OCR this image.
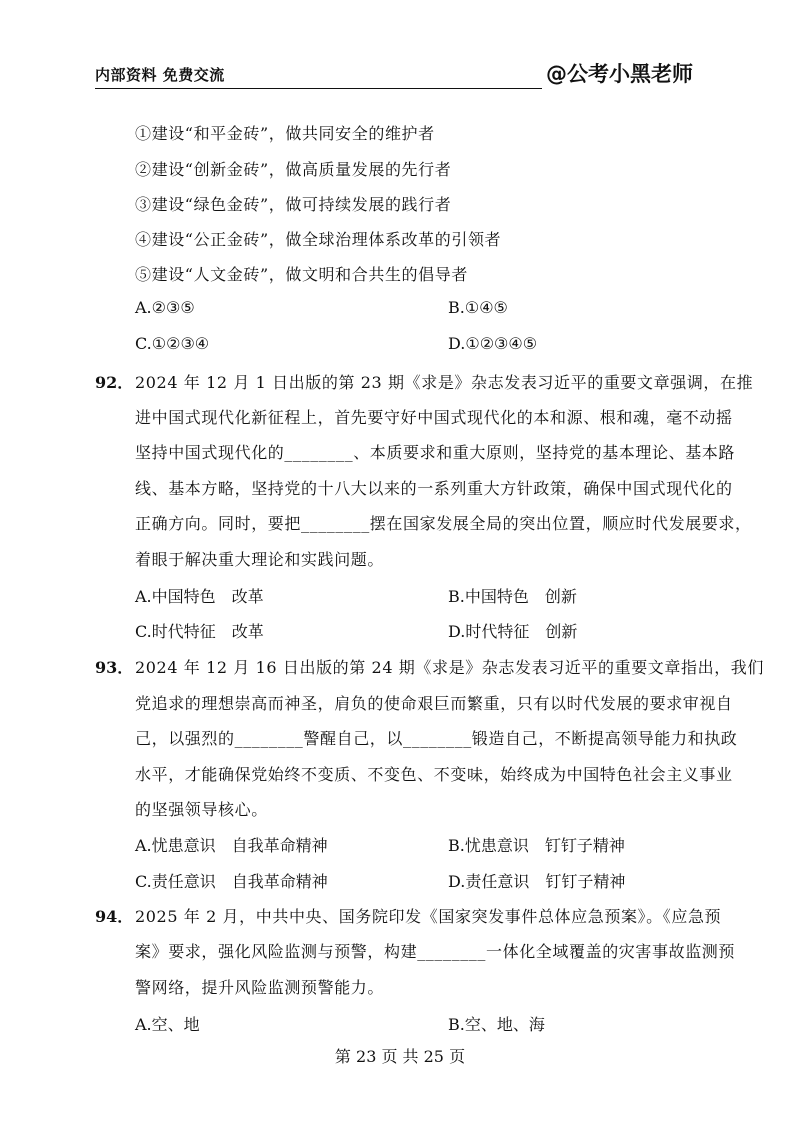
内部资料 免费交流	@公考小黑老师
①建设“和平金砖”，做共同安全的维护者
②建设“创新金砖”，做高质量发展的先行者
③建设“绿色金砖”，做可持续发展的践行者
④建设“公正金砖”，做全球治理体系改革的引领者
⑤建设“人文金砖”，做文明和合共生的倡导者
A.②③⑤	B.①④⑤
C.①②③④	D.①②③④⑤
92． 2024 年 12 月 1 日出版的第 23 期《求是》杂志发表习近平的重要文章强调，在推
进中国式现代化新征程上，首先要守好中国式现代化的本和源、根和魂，毫不动摇
坚持中国式现代化的________、本质要求和重大原则，坚持党的基本理论、基本路
线、基本方略，坚持党的十八大以来的一系列重大方针政策，确保中国式现代化的
正确方向。同时，要把________摆在国家发展全局的突出位置，顺应时代发展要求，
着眼于解决重大理论和实践问题。
A.中国特色　改革	B.中国特色　创新
C.时代特征　改革	D.时代特征　创新
93． 2024 年 12 月 16 日出版的第 24 期《求是》杂志发表习近平的重要文章指出，我们
党追求的理想崇高而神圣，肩负的使命艰巨而繁重，只有以时代发展的要求审视自
己，以强烈的________警醒自己，以________锻造自己，不断提高领导能力和执政
水平，才能确保党始终不变质、不变色、不变味，始终成为中国特色社会主义事业
的坚强领导核心。
A.忧患意识　自我革命精神	B.忧患意识　钉钉子精神
C.责任意识　自我革命精神	D.责任意识　钉钉子精神
94． 2025 年 2 月，中共中央、国务院印发《国家突发事件总体应急预案》。《应急预
案》要求，强化风险监测与预警，构建________一体化全域覆盖的灾害事故监测预
警网络，提升风险监测预警能力。
A.空、地	B.空、地、海
第 23 页 共 25 页
